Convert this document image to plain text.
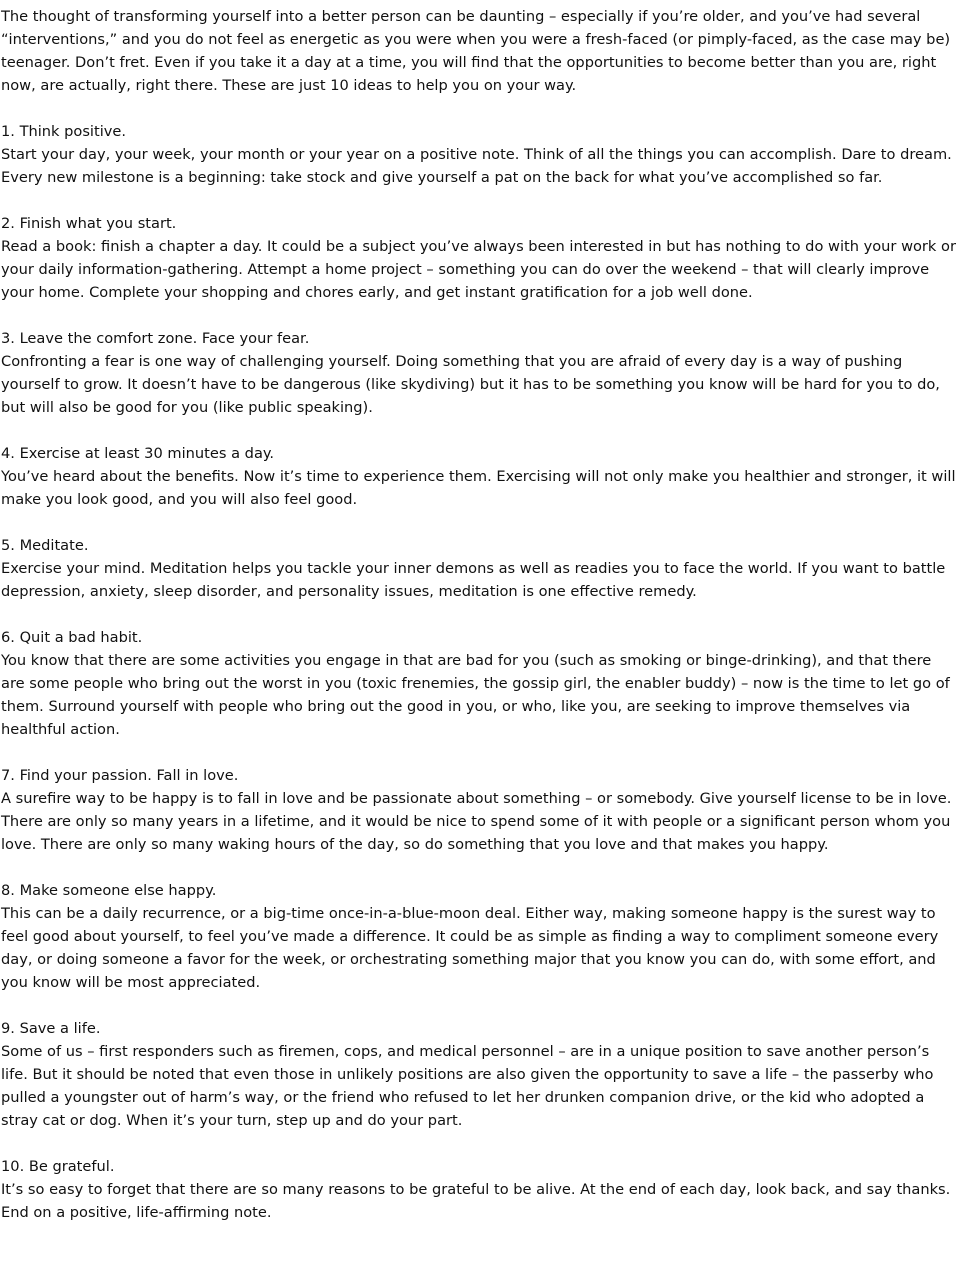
The thought of transforming yourself into a better person can be daunting – especially if you’re older, and you’ve had several “interventions,” and you do not feel as energetic as you were when you were a fresh-faced (or pimply-faced, as the case may be) teenager. Don’t fret. Even if you take it a day at a time, you will find that the opportunities to become better than you are, right now, are actually, right there. These are just 10 ideas to help you on your way.

1. Think positive.
Start your day, your week, your month or your year on a positive note. Think of all the things you can accomplish. Dare to dream. Every new milestone is a beginning: take stock and give yourself a pat on the back for what you’ve accomplished so far.

2. Finish what you start.
Read a book: finish a chapter a day. It could be a subject you’ve always been interested in but has nothing to do with your work or your daily information-gathering. Attempt a home project – something you can do over the weekend – that will clearly improve your home. Complete your shopping and chores early, and get instant gratification for a job well done.

3. Leave the comfort zone. Face your fear.
Confronting a fear is one way of challenging yourself. Doing something that you are afraid of every day is a way of pushing yourself to grow. It doesn’t have to be dangerous (like skydiving) but it has to be something you know will be hard for you to do, but will also be good for you (like public speaking).

4. Exercise at least 30 minutes a day.
You’ve heard about the benefits. Now it’s time to experience them. Exercising will not only make you healthier and stronger, it will make you look good, and you will also feel good.

5. Meditate.
Exercise your mind. Meditation helps you tackle your inner demons as well as readies you to face the world. If you want to battle depression, anxiety, sleep disorder, and personality issues, meditation is one effective remedy.

6. Quit a bad habit.
You know that there are some activities you engage in that are bad for you (such as smoking or binge-drinking), and that there are some people who bring out the worst in you (toxic frenemies, the gossip girl, the enabler buddy) – now is the time to let go of them. Surround yourself with people who bring out the good in you, or who, like you, are seeking to improve themselves via healthful action.

7. Find your passion. Fall in love.
A surefire way to be happy is to fall in love and be passionate about something – or somebody. Give yourself license to be in love. There are only so many years in a lifetime, and it would be nice to spend some of it with people or a significant person whom you love. There are only so many waking hours of the day, so do something that you love and that makes you happy.

8. Make someone else happy.
This can be a daily recurrence, or a big-time once-in-a-blue-moon deal. Either way, making someone happy is the surest way to feel good about yourself, to feel you’ve made a difference. It could be as simple as finding a way to compliment someone every day, or doing someone a favor for the week, or orchestrating something major that you know you can do, with some effort, and you know will be most appreciated.

9. Save a life.
Some of us – first responders such as firemen, cops, and medical personnel – are in a unique position to save another person’s life. But it should be noted that even those in unlikely positions are also given the opportunity to save a life – the passerby who pulled a youngster out of harm’s way, or the friend who refused to let her drunken companion drive, or the kid who adopted a stray cat or dog. When it’s your turn, step up and do your part.

10. Be grateful.
It’s so easy to forget that there are so many reasons to be grateful to be alive. At the end of each day, look back, and say thanks. End on a positive, life-affirming note.
